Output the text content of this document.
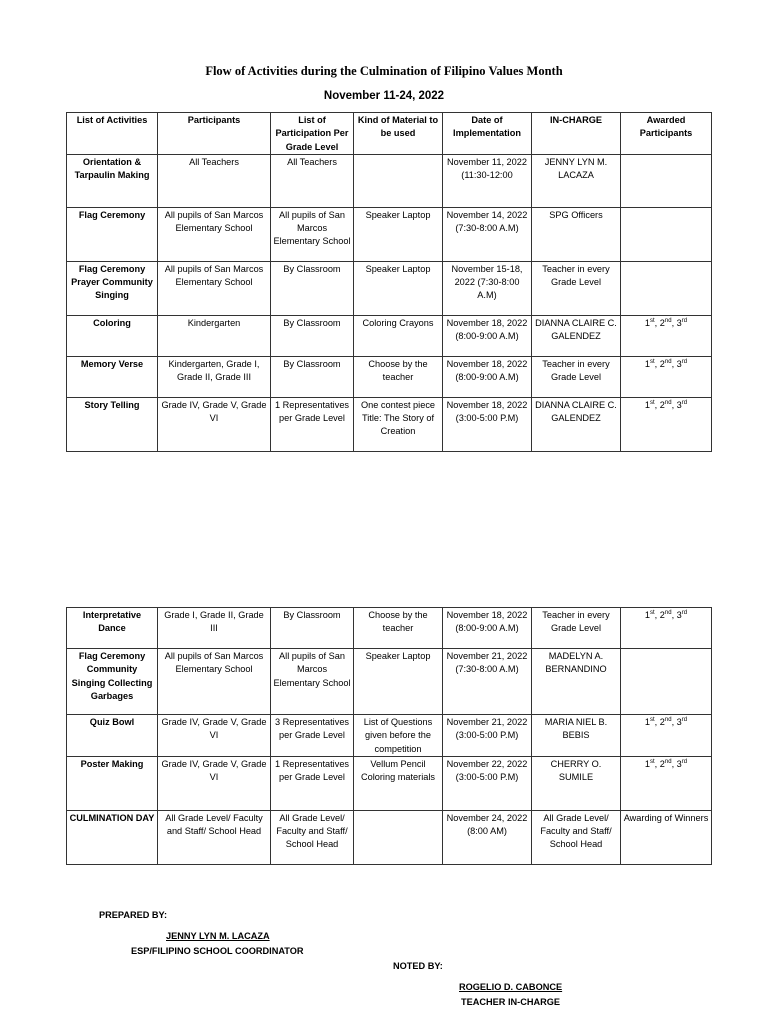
Flow of Activities during the Culmination of Filipino Values Month
November 11-24, 2022
List of Activities	Participants	List of Participation Per Grade Level	Kind of Material to be used	Date of Implementation	IN-CHARGE	Awarded Participants
Orientation & Tarpaulin Making	All Teachers	All Teachers		November 11, 2022 (11:30-12:00	JENNY LYN M. LACAZA	
Flag Ceremony	All pupils of San Marcos Elementary School	All pupils of San Marcos Elementary School	Speaker Laptop	November 14, 2022 (7:30-8:00 A.M)	SPG Officers	
Flag Ceremony Prayer Community Singing	All pupils of San Marcos Elementary School	By Classroom	Speaker Laptop	November 15-18, 2022 (7:30-8:00 A.M)	Teacher in every Grade Level	
Coloring	Kindergarten	By Classroom	Coloring Crayons	November 18, 2022 (8:00-9:00 A.M)	DIANNA CLAIRE C. GALENDEZ	1st, 2nd, 3rd
Memory Verse	Kindergarten, Grade I, Grade II, Grade III	By Classroom	Choose by the teacher	November 18, 2022 (8:00-9:00 A.M)	Teacher in every Grade Level	1st, 2nd, 3rd
Story Telling	Grade IV, Grade V, Grade VI	1 Representatives per Grade Level	One contest piece Title: The Story of Creation	November 18, 2022 (3:00-5:00 P.M)	DIANNA CLAIRE C. GALENDEZ	1st, 2nd, 3rd
Interpretative Dance	Grade I, Grade II, Grade III	By Classroom	Choose by the teacher	November 18, 2022 (8:00-9:00 A.M)	Teacher in every Grade Level	1st, 2nd, 3rd
Flag Ceremony Community Singing Collecting Garbages	All pupils of San Marcos Elementary School	All pupils of San Marcos Elementary School	Speaker Laptop	November 21, 2022 (7:30-8:00 A.M)	MADELYN A. BERNANDINO	
Quiz Bowl	Grade IV, Grade V, Grade VI	3 Representatives per Grade Level	List of Questions given before the competition	November 21, 2022 (3:00-5:00 P.M)	MARIA NIEL B. BEBIS	1st, 2nd, 3rd
Poster Making	Grade IV, Grade V, Grade VI	1 Representatives per Grade Level	Vellum Pencil Coloring materials	November 22, 2022 (3:00-5:00 P.M)	CHERRY O. SUMILE	1st, 2nd, 3rd
CULMINATION DAY	All Grade Level/ Faculty and Staff/ School Head	All Grade Level/ Faculty and Staff/ School Head		November 24, 2022 (8:00 AM)	All Grade Level/ Faculty and Staff/ School Head	Awarding of Winners
PREPARED BY:
JENNY LYN M. LACAZA
ESP/FILIPINO SCHOOL COORDINATOR
NOTED BY:
ROGELIO D. CABONCE
TEACHER IN-CHARGE
